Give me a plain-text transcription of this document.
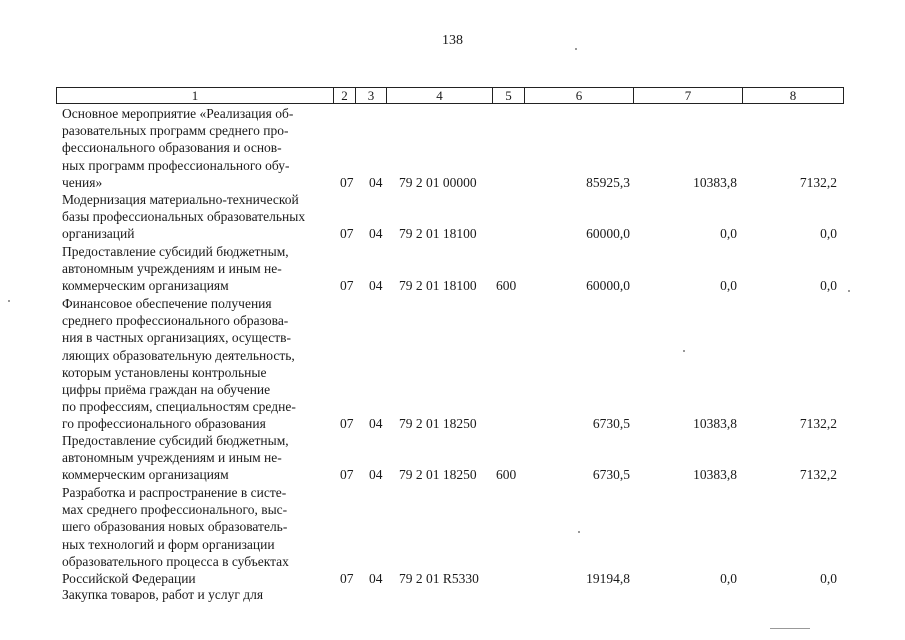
138
1	2	3	4	5	6	7	8
Основное мероприятие «Реализация об-
разовательных программ среднего про-
фессионального образования и основ-
ных программ профессионального обу-
чения»	07 04 79 2 01 00000	85925,3	10383,8	7132,2
Модернизация материально-технической
базы профессиональных образовательных
организаций	07 04 79 2 01 18100	60000,0	0,0	0,0
Предоставление субсидий бюджетным,
автономным учреждениям и иным не-
коммерческим организациям	07 04 79 2 01 18100 600	60000,0	0,0	0,0
Финансовое обеспечение получения
среднего профессионального образова-
ния в частных организациях, осуществ-
ляющих образовательную деятельность,
которым установлены контрольные
цифры приёма граждан на обучение
по профессиям, специальностям средне-
го профессионального образования	07 04 79 2 01 18250	6730,5	10383,8	7132,2
Предоставление субсидий бюджетным,
автономным учреждениям и иным не-
коммерческим организациям	07 04 79 2 01 18250 600	6730,5	10383,8	7132,2
Разработка и распространение в систе-
мах среднего профессионального, выс-
шего образования новых образователь-
ных технологий и форм организации
образовательного процесса в субъектах
Российской Федерации	07 04 79 2 01 R5330	19194,8	0,0	0,0
Закупка товаров, работ и услуг для
